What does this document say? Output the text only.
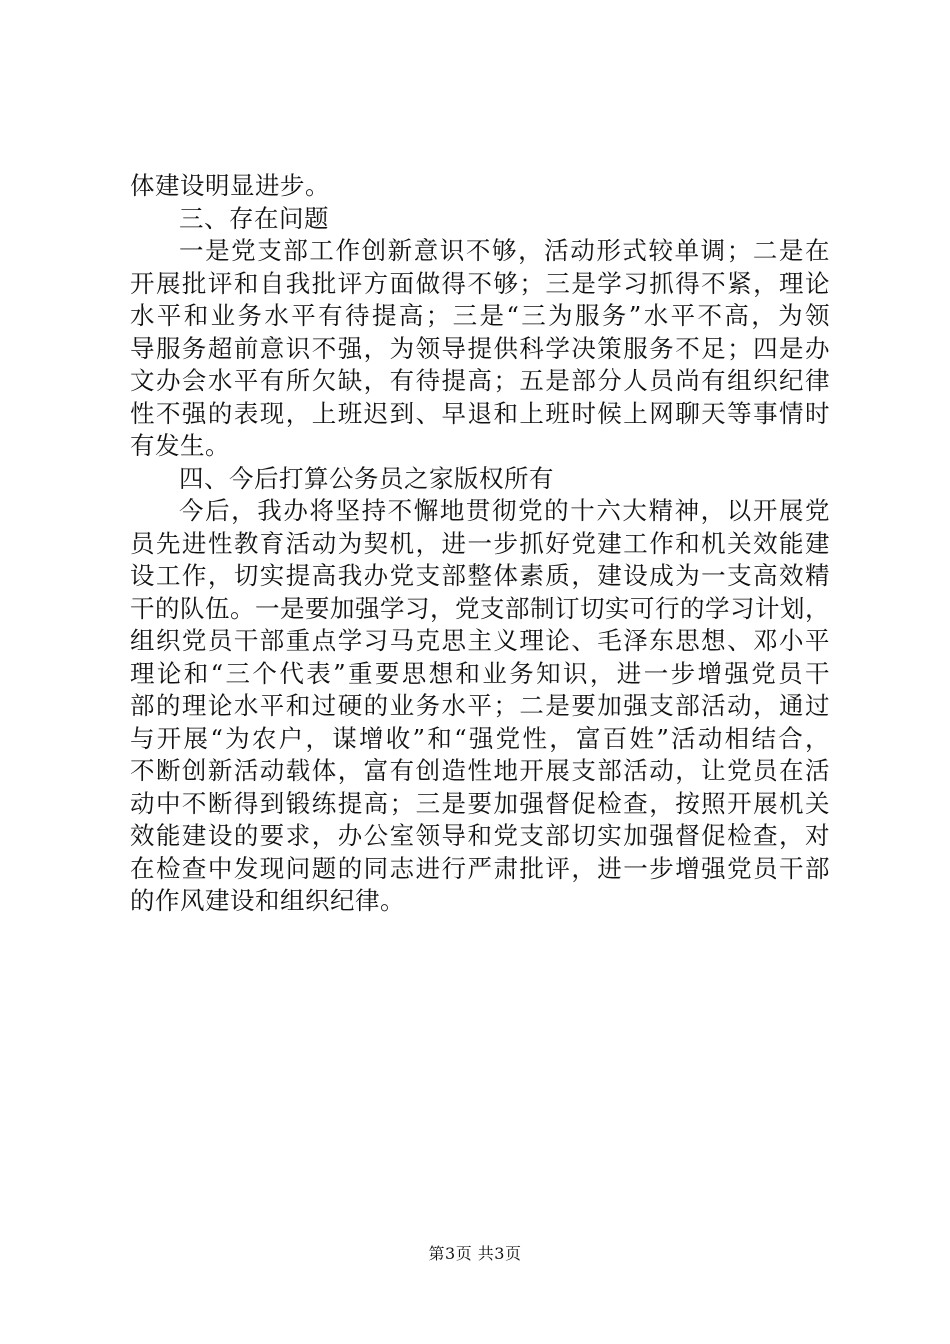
体建设明显进步。
三、存在问题
一是党支部工作创新意识不够，活动形式较单调；二是在
开展批评和自我批评方面做得不够；三是学习抓得不紧，理论
水平和业务水平有待提高；三是“三为服务”水平不高，为领
导服务超前意识不强，为领导提供科学决策服务不足；四是办
文办会水平有所欠缺，有待提高；五是部分人员尚有组织纪律
性不强的表现，上班迟到、早退和上班时候上网聊天等事情时
有发生。
四、今后打算公务员之家版权所有
今后，我办将坚持不懈地贯彻党的十六大精神，以开展党
员先进性教育活动为契机，进一步抓好党建工作和机关效能建
设工作，切实提高我办党支部整体素质，建设成为一支高效精
干的队伍。一是要加强学习，党支部制订切实可行的学习计划，
组织党员干部重点学习马克思主义理论、毛泽东思想、邓小平
理论和“三个代表”重要思想和业务知识，进一步增强党员干
部的理论水平和过硬的业务水平；二是要加强支部活动，通过
与开展“为农户，谋增收”和“强党性，富百姓”活动相结合，
不断创新活动载体，富有创造性地开展支部活动，让党员在活
动中不断得到锻练提高；三是要加强督促检查，按照开展机关
效能建设的要求，办公室领导和党支部切实加强督促检查，对
在检查中发现问题的同志进行严肃批评，进一步增强党员干部
的作风建设和组织纪律。
第3页 共3页
